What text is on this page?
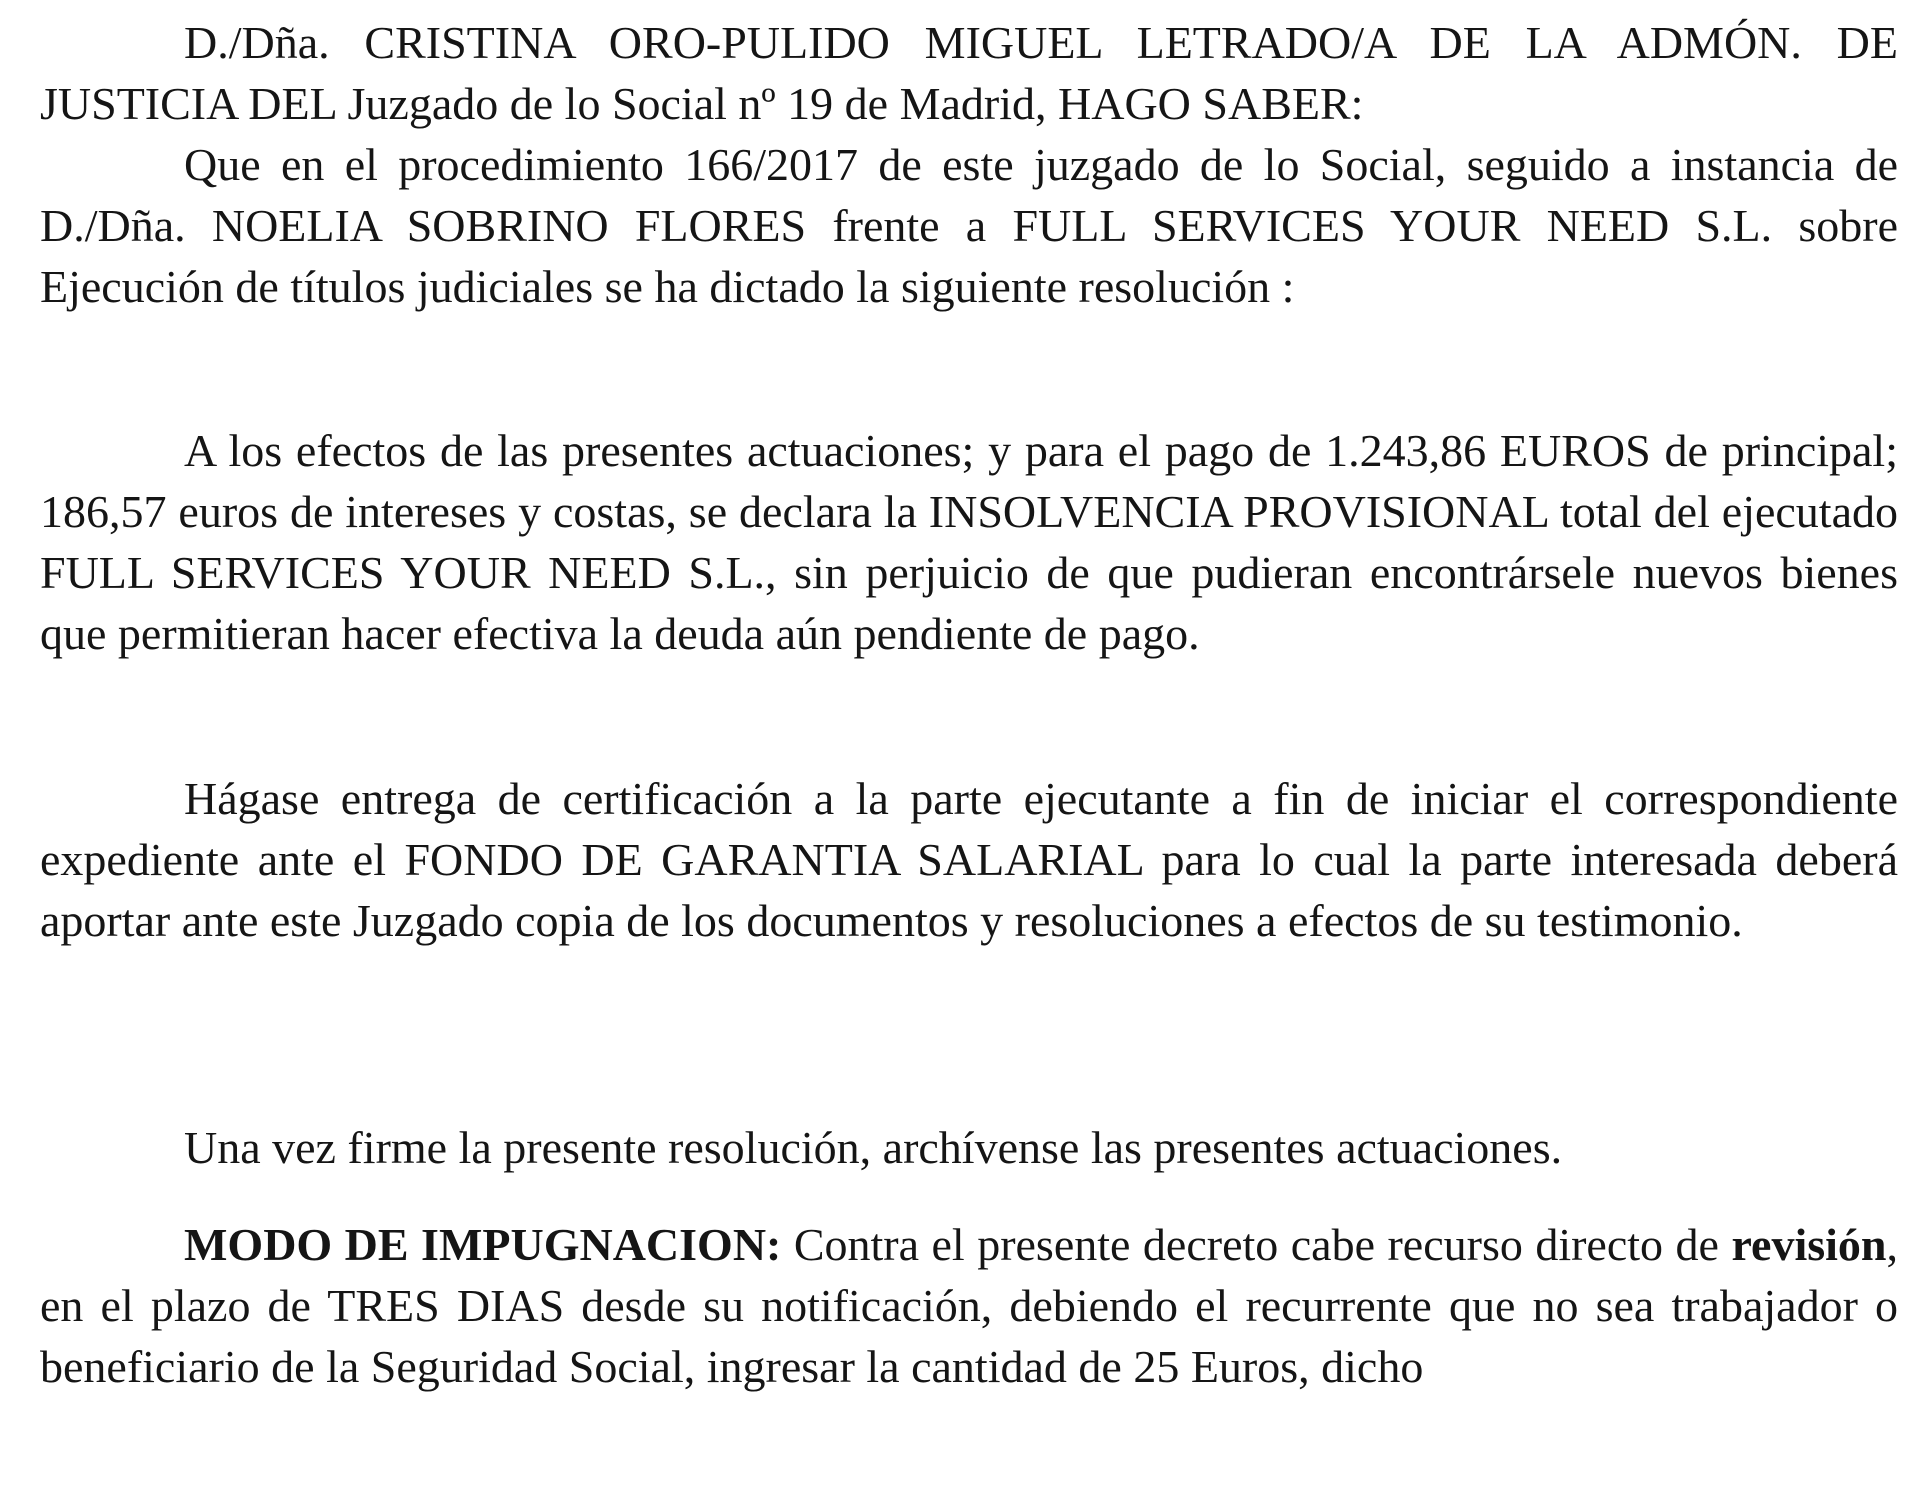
D./Dña. CRISTINA ORO-PULIDO MIGUEL LETRADO/A DE LA ADMÓN. DE JUSTICIA DEL Juzgado de lo Social nº 19 de Madrid, HAGO SABER:

Que en el procedimiento 166/2017 de este juzgado de lo Social, seguido a instancia de D./Dña. NOELIA SOBRINO FLORES frente a FULL SERVICES YOUR NEED S.L. sobre Ejecución de títulos judiciales se ha dictado la siguiente resolución :

A los efectos de las presentes actuaciones; y para el pago de 1.243,86 EUROS de principal; 186,57 euros de intereses y costas, se declara la INSOLVENCIA PROVISIONAL total del ejecutado FULL SERVICES YOUR NEED S.L., sin perjuicio de que pudieran encontrársele nuevos bienes que permitieran hacer efectiva la deuda aún pendiente de pago.

Hágase entrega de certificación a la parte ejecutante a fin de iniciar el correspondiente expediente ante el FONDO DE GARANTIA SALARIAL para lo cual la parte interesada deberá aportar ante este Juzgado copia de los documentos y resoluciones a efectos de su testimonio.

Una vez firme la presente resolución, archívense las presentes actuaciones.

MODO DE IMPUGNACION: Contra el presente decreto cabe recurso directo de revisión, en el plazo de TRES DIAS desde su notificación, debiendo el recurrente que no sea trabajador o beneficiario de la Seguridad Social, ingresar la cantidad de 25 Euros, dicho
